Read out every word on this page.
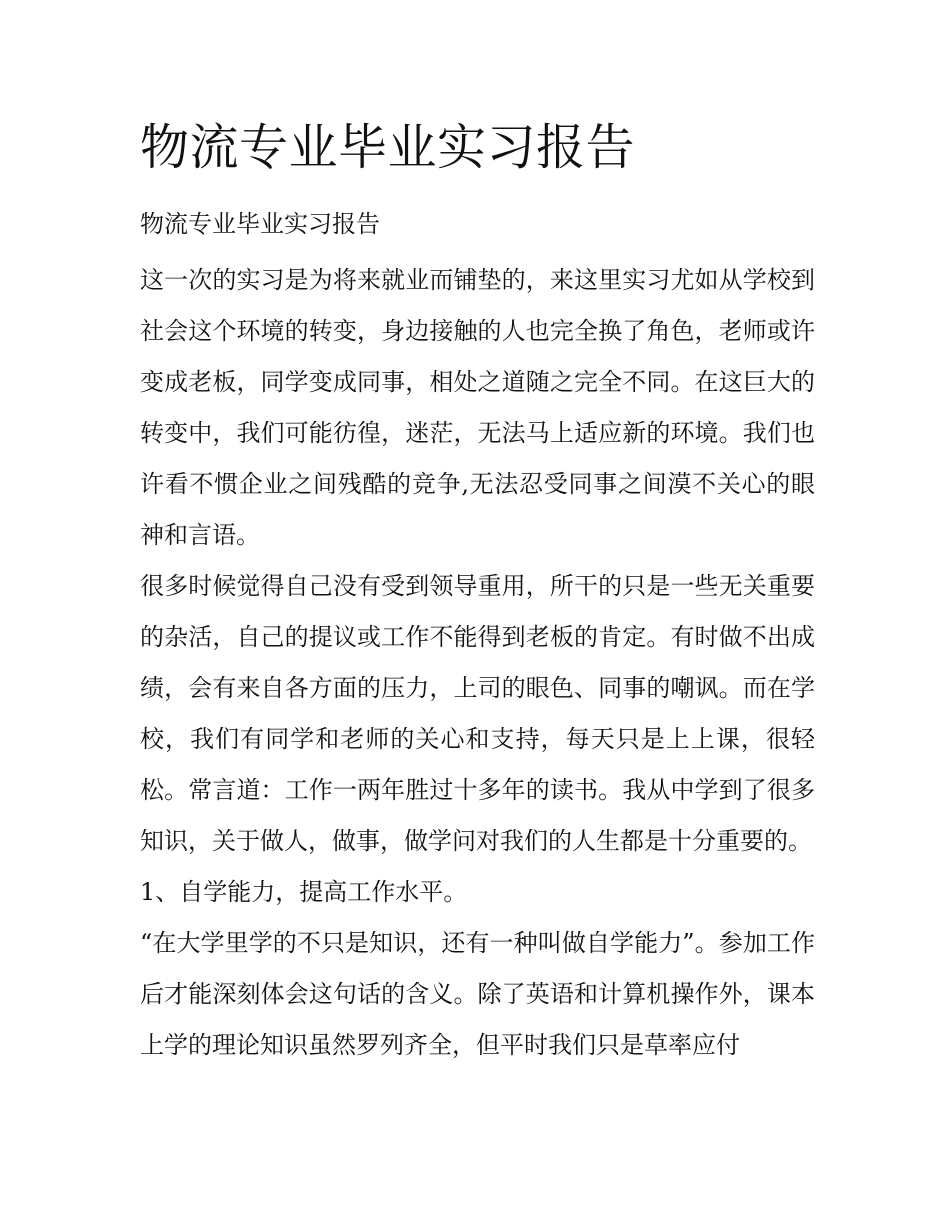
物流专业毕业实习报告

物流专业毕业实习报告

这一次的实习是为将来就业而铺垫的，来这里实习尤如从学校到社会这个环境的转变，身边接触的人也完全换了角色，老师或许变成老板，同学变成同事，相处之道随之完全不同。在这巨大的转变中，我们可能彷徨，迷茫，无法马上适应新的环境。我们也许看不惯企业之间残酷的竞争,无法忍受同事之间漠不关心的眼神和言语。

很多时候觉得自己没有受到领导重用，所干的只是一些无关重要的杂活，自己的提议或工作不能得到老板的肯定。有时做不出成绩，会有来自各方面的压力，上司的眼色、同事的嘲讽。而在学校，我们有同学和老师的关心和支持，每天只是上上课，很轻松。常言道：工作一两年胜过十多年的读书。我从中学到了很多知识，关于做人，做事，做学问对我们的人生都是十分重要的。

1、自学能力，提高工作水平。

“在大学里学的不只是知识，还有一种叫做自学能力”。参加工作后才能深刻体会这句话的含义。除了英语和计算机操作外，课本上学的理论知识虽然罗列齐全，但平时我们只是草率应付
